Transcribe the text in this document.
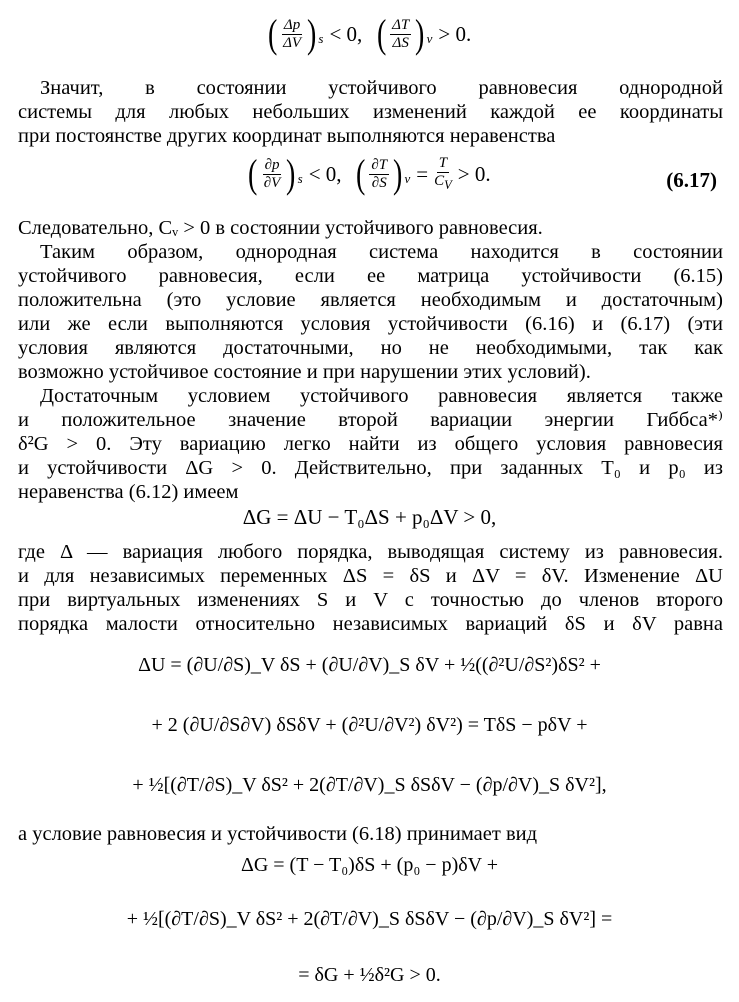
( $\frac{\Delta p}{\Delta V}$ ) s < 0,
( $\frac{\Delta T}{\Delta S}$ ) v > 0.
Значит, в состоянии устойчивого равновесия однородной
системы для любых небольших изменений каждой ее координаты
при постоянстве других координат выполняются неравенства
( $\frac{\partial p}{\partial V}$ ) s < 0,
( $\frac{\partial T}{\partial S}$ ) $v = \frac{T}{C_V} > 0$.	(6.17)
Следовательно, Cᵥ > 0 в состоянии устойчивого равновесия.
Таким образом, однородная система находится в состоянии
устойчивого равновесия, если ее матрица устойчивости (6.15)
положительна (это условие является необходимым и достаточным)
или же если выполняются условия устойчивости (6.16) и (6.17) (эти
условия являются достаточными, но не необходимыми, так как
возможно устойчивое состояние и при нарушении этих условий).
Достаточным условием устойчивого равновесия является также
и положительное значение второй вариации энергии Гиббса*⁾
δ²G > 0. Эту вариацию легко найти из общего условия равновесия
и устойчивости ΔG > 0. Действительно, при заданных T₀ и p₀ из
неравенства (6.12) имеем
ΔG = ΔU − T₀ΔS + p₀ΔV > 0,
где Δ — вариация любого порядка, выводящая систему из равновесия.
и для независимых переменных ΔS = δS и ΔV = δV. Изменение ΔU
при виртуальных изменениях S и V с точностью до членов второго
порядка малости относительно независимых вариаций δS и δV равна
ΔU = (∂U/∂S)_V δS + (∂U/∂V)_S δV + ½((∂²U/∂S²)δS² +
+ 2 (∂U/∂S∂V) δSδV + (∂²U/∂V²) δV²) = TδS − pδV +
+ ½[(∂T/∂S)_V δS² + 2(∂T/∂V)_S δSδV − (∂p/∂V)_S δV²],
а условие равновесия и устойчивости (6.18) принимает вид
ΔG = (T − T₀)δS + (p₀ − p)δV +
+ ½[(∂T/∂S)_V δS² + 2(∂T/∂V)_S δSδV − (∂p/∂V)_S δV²] =
= δG + ½δ²G > 0.
